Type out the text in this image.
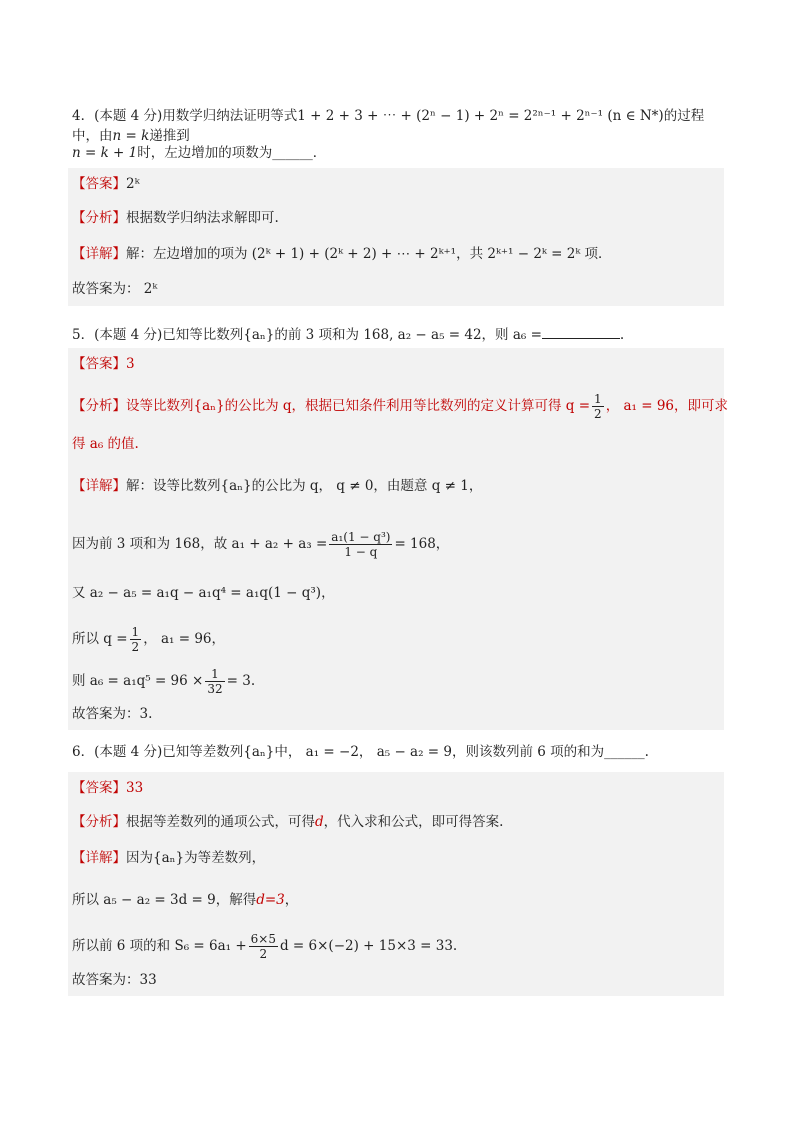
4．(本题 4 分)用数学归纳法证明等式1 + 2 + 3 + ⋯ + (2ⁿ − 1) + 2ⁿ = 2²ⁿ⁻¹ + 2ⁿ⁻¹ (n ∈ N*)的过程中，由n = k递推到
n = k + 1时，左边增加的项数为______．
【答案】2ᵏ
【分析】根据数学归纳法求解即可.
【详解】解：左边增加的项为 (2ᵏ + 1) + (2ᵏ + 2) + ⋯ + 2ᵏ⁺¹，共 2ᵏ⁺¹ − 2ᵏ = 2ᵏ 项．
故答案为： 2ᵏ
5．(本题 4 分)已知等比数列{aₙ}的前 3 项和为 168, a₂ − a₅ = 42，则 a₆ =	.
【答案】3
【分析】设等比数列{aₙ}的公比为 q，根据已知条件利用等比数列的定义计算可得 $q = \frac{1}{2}$ ， a₁ = 96，即可求
得 a₆ 的值.
【详解】解：设等比数列{aₙ}的公比为 q， q ≠ 0，由题意 q ≠ 1，
因为前 3 项和为 168，故 $a_1 + a_2 + a_3 = \frac{\text{a₁(1 − q³)}}{1 - q} = 168$，
又 a₂ − a₅ = a₁q − a₁q⁴ = a₁q(1 − q³)，
所以 $q = \frac{1}{2}$ ， a₁ = 96，
则 $a_6 = a_1q^5 = 96 \times \frac{1}{32} = 3$.
故答案为：3.
6．(本题 4 分)已知等差数列{aₙ}中， a₁ = −2， a₅ − a₂ = 9，则该数列前 6 项的和为______.
【答案】33
【分析】根据等差数列的通项公式，可得d，代入求和公式，即可得答案.
【详解】因为{aₙ}为等差数列，
所以 a₅ − a₂ = 3d = 9，解得d=3，
所以前 6 项的和 $S_6 = 6a_1 + \frac{6\times 5}{2}$ d = 6×(−2) + 15×3 = 33.
故答案为：33
